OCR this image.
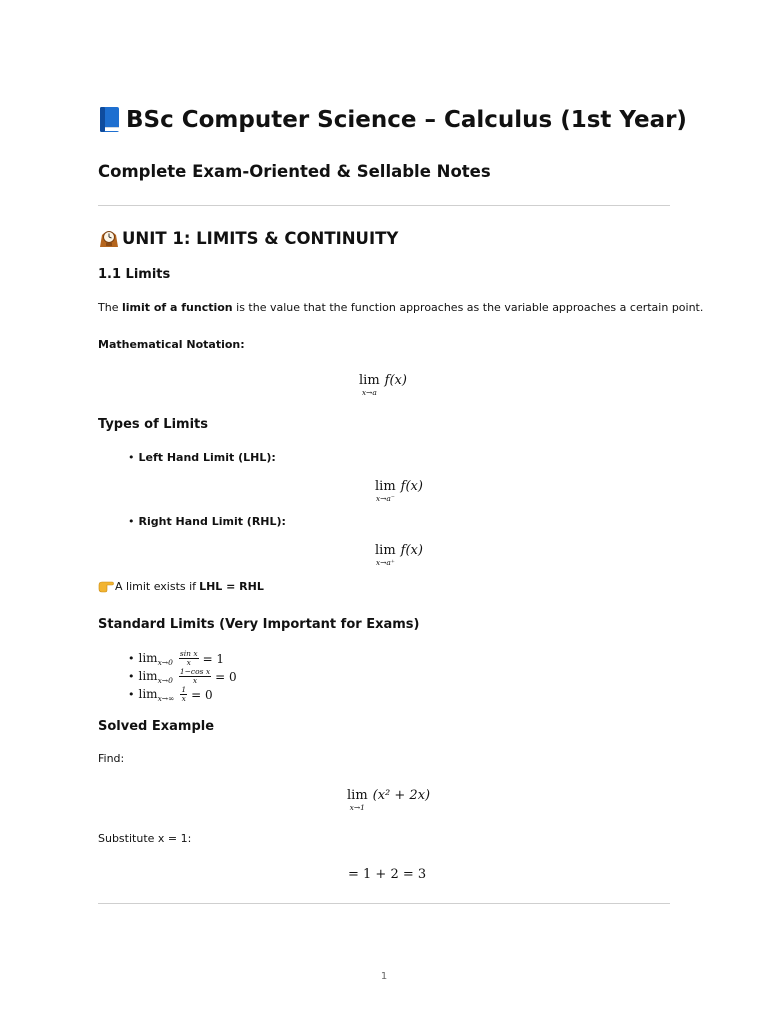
BSc Computer Science – Calculus (1st Year)
Complete Exam-Oriented & Sellable Notes
UNIT 1: LIMITS & CONTINUITY
1.1 Limits
The limit of a function is the value that the function approaches as the variable approaches a certain point.
Mathematical Notation:
lim
x→a
f(x)
Types of Limits
• Left Hand Limit (LHL):
lim
x→a⁻
f(x)
• Right Hand Limit (RHL):
lim
x→a⁺
f(x)
A limit exists if LHL = RHL
Standard Limits (Very Important for Exams)
• $\lim_{x\to 0} \frac{\text{sin x}}{x} = 1$
• $\lim_{x\to 0} \frac{\text{1−cos x}}{x} = 0$
• $\lim_{x\to\infty} \frac{1}{x} = 0$
Solved Example
Find:
lim
x→1
(x² + 2x)
Substitute x = 1:
= 1 + 2 = 3
1
